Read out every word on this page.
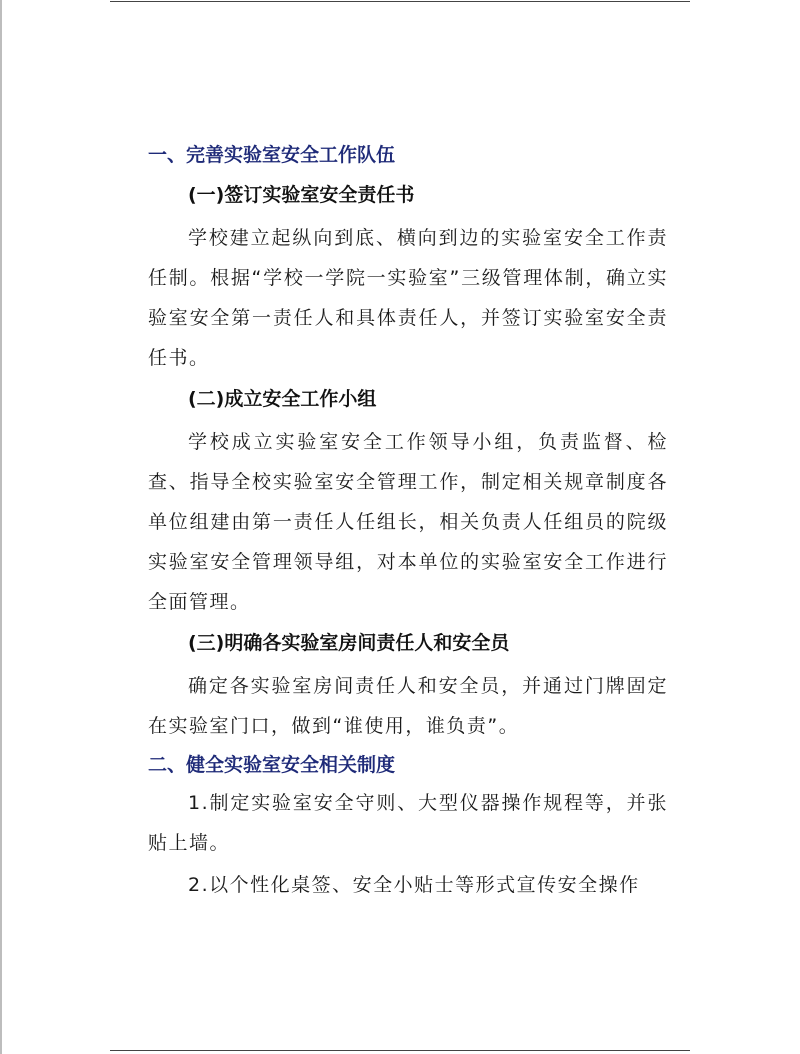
一、完善实验室安全工作队伍
(一)签订实验室安全责任书

学校建立起纵向到底、横向到边的实验室安全工作责任制。根据“学校一学院一实验室”三级管理体制，确立实验室安全第一责任人和具体责任人，并签订实验室安全责任书。

(二)成立安全工作小组

学校成立实验室安全工作领导小组，负责监督、检查、指导全校实验室安全管理工作，制定相关规章制度各单位组建由第一责任人任组长，相关负责人任组员的院级实验室安全管理领导组，对本单位的实验室安全工作进行全面管理。

(三)明确各实验室房间责任人和安全员

确定各实验室房间责任人和安全员，并通过门牌固定在实验室门口，做到“谁使用，谁负责”。

二、健全实验室安全相关制度

1.制定实验室安全守则、大型仪器操作规程等，并张贴上墙。

2.以个性化桌签、安全小贴士等形式宣传安全操作
